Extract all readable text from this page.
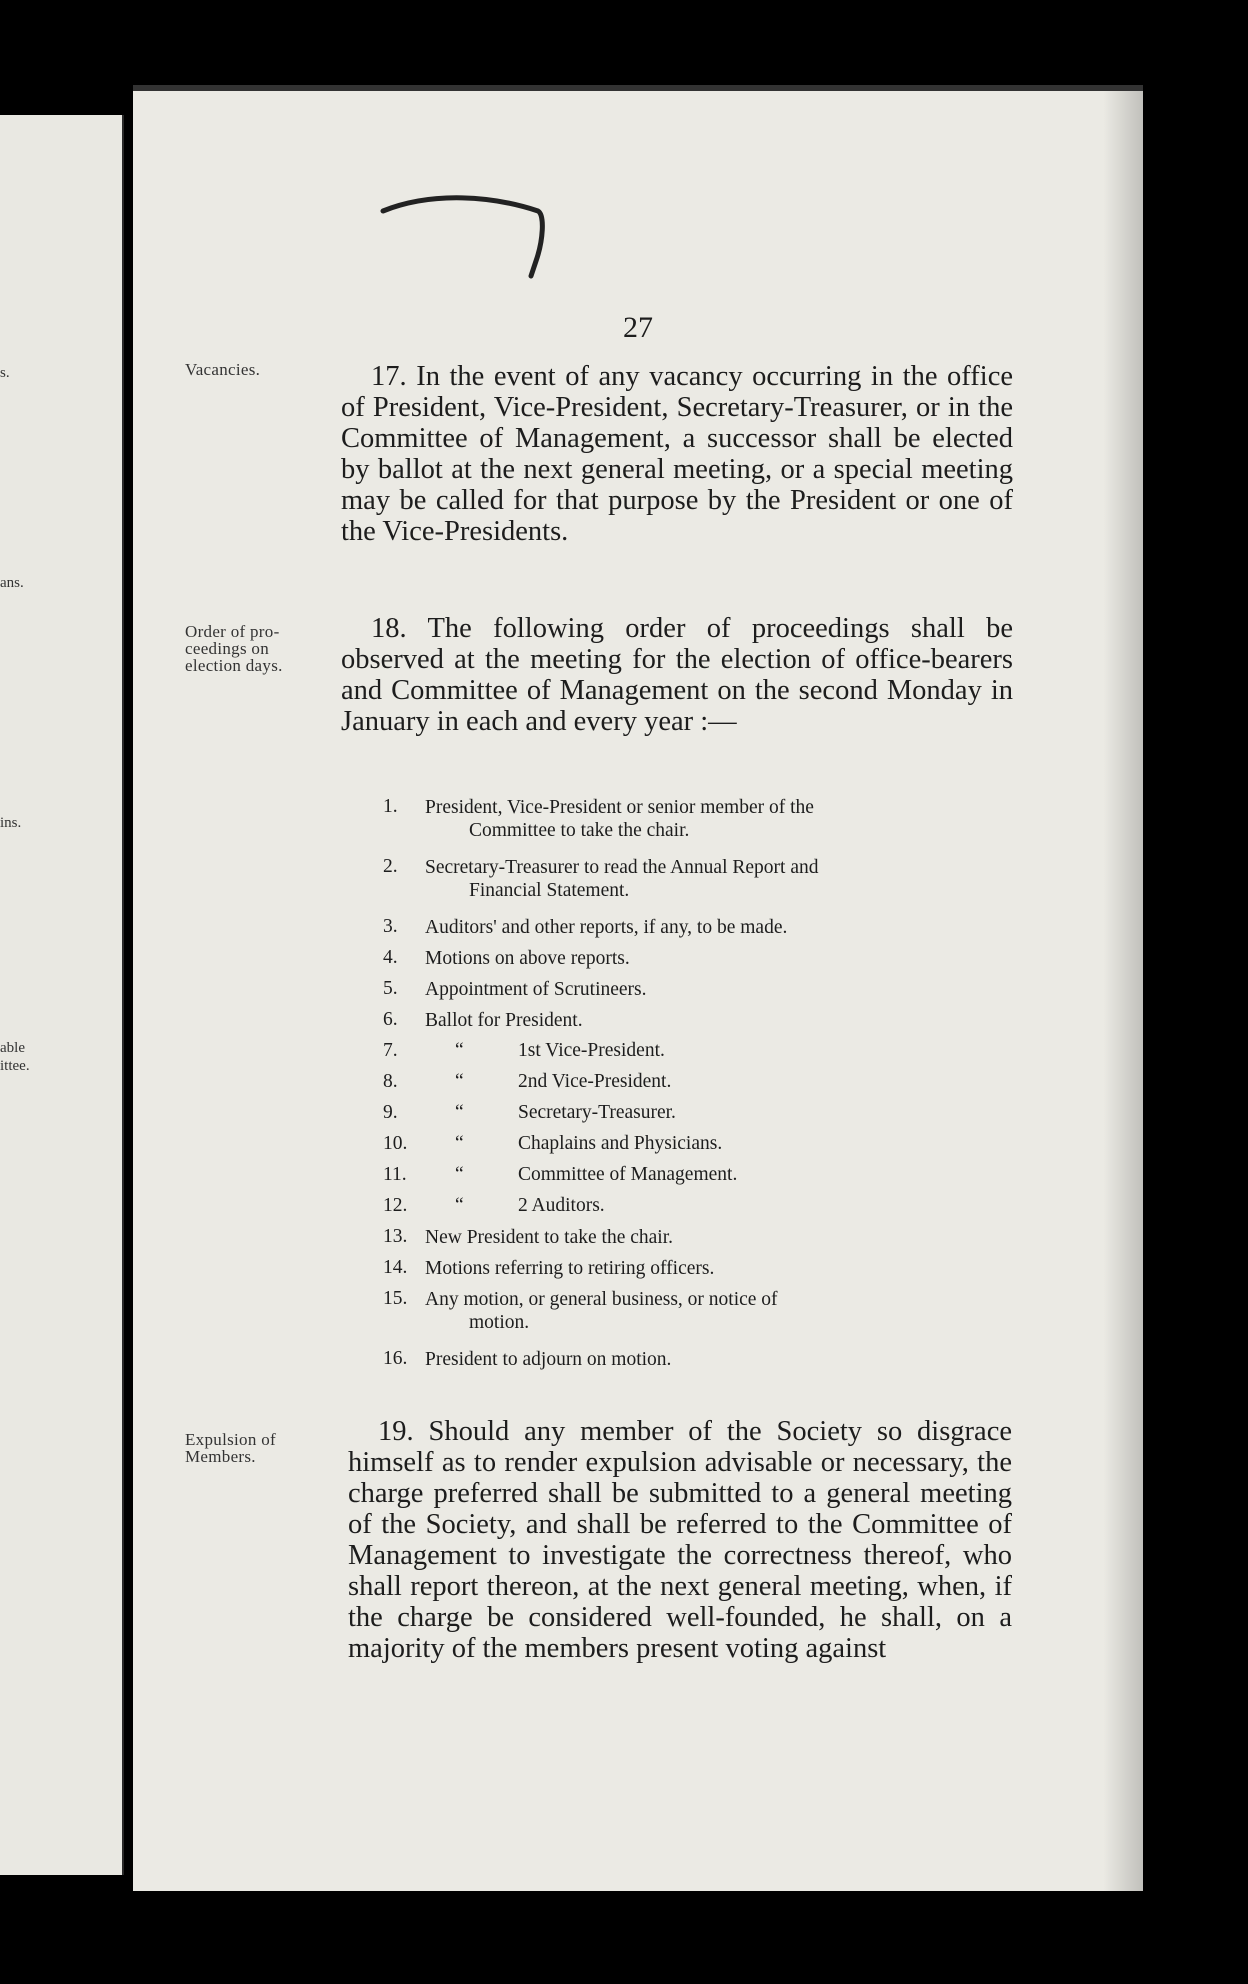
s.
ans.
ins.
able
ittee.
27
Vacancies.
Order of pro-
ceedings on
election days.
Expulsion of
Members.
17. In the event of any vacancy occurring in the office of President, Vice-President, Secretary-Treasurer, or in the Committee of Management, a successor shall be elected by ballot at the next general meeting, or a special meeting may be called for that purpose by the President or one of the Vice-Presidents.
18. The following order of proceedings shall be observed at the meeting for the election of office-bearers and Committee of Management on the second Monday in January in each and every year :—
1.	President, Vice-President or senior member of the
Committee to take the chair.
2.	Secretary-Treasurer to read the Annual Report and
Financial Statement.
3.	Auditors' and other reports, if any, to be made.
4.	Motions on above reports.
5.	Appointment of Scrutineers.
6.	Ballot for President.
7.	“	1st Vice-President.
8.	“	2nd Vice-President.
9.	“	Secretary-Treasurer.
10.	“	Chaplains and Physicians.
11.	“	Committee of Management.
12.	“	2 Auditors.
13. New President to take the chair.
14. Motions referring to retiring officers.
15. Any motion, or general business, or notice of
motion.
16. President to adjourn on motion.
19. Should any member of the Society so disgrace himself as to render expulsion advisable or necessary, the charge preferred shall be submitted to a general meeting of the Society, and shall be referred to the Committee of Management to investigate the correctness thereof, who shall report thereon, at the next general meeting, when, if the charge be considered well-founded, he shall, on a majority of the members present voting against
